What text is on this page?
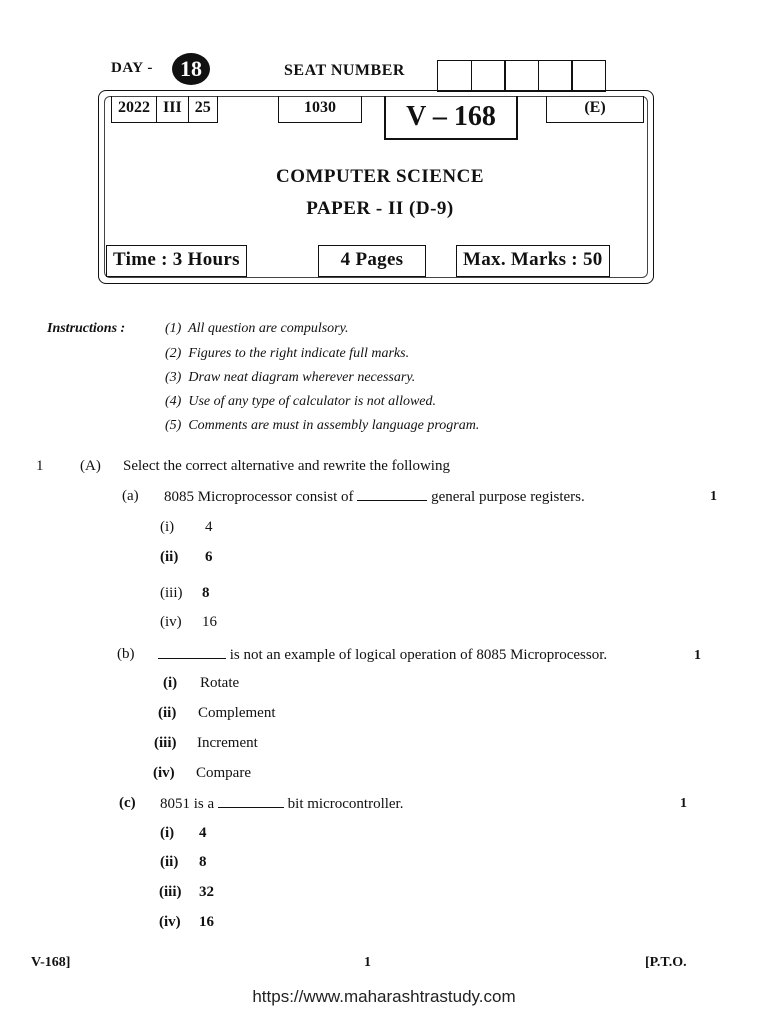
DAY -	18	SEAT NUMBER
2022 III 25	1030	V – 168	(E)
COMPUTER SCIENCE
PAPER - II (D-9)
Time : 3 Hours	4 Pages	Max. Marks : 50
Instructions :	(1) All question are compulsory.
(2) Figures to the right indicate full marks.
(3) Draw neat diagram wherever necessary.
(4) Use of any type of calculator is not allowed.
(5) Comments are must in assembly language program.
1 (A) Select the correct alternative and rewrite the following
(a) 8085 Microprocessor consist of	general purpose registers.	1
(i) 4
(ii) 6
(iii) 8
(iv) 16
(b)	is not an example of logical operation of 8085 Microprocessor.	1
(i) Rotate
(ii) Complement
(iii) Increment
(iv) Compare
(c) 8051 is a	bit microcontroller.	1
(i) 4
(ii) 8
(iii) 32
(iv) 16
V-168]	1	[P.T.O.
https://www.maharashtrastudy.com
